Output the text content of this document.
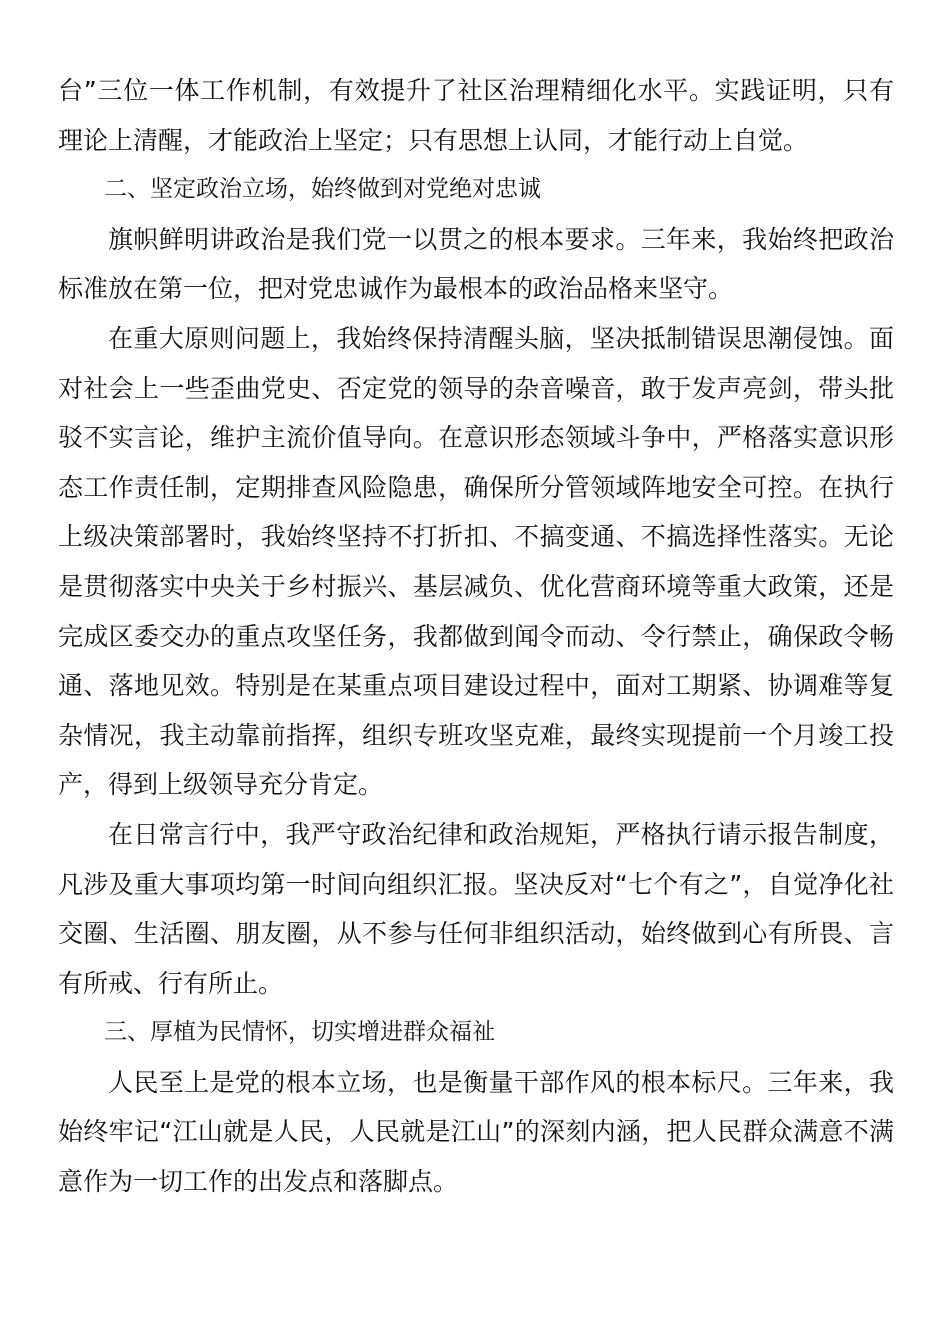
台”三位一体工作机制，有效提升了社区治理精细化水平。实践证明，只有理论上清醒，才能政治上坚定；只有思想上认同，才能行动上自觉。

二、坚定政治立场，始终做到对党绝对忠诚

旗帜鲜明讲政治是我们党一以贯之的根本要求。三年来，我始终把政治标准放在第一位，把对党忠诚作为最根本的政治品格来坚守。

在重大原则问题上，我始终保持清醒头脑，坚决抵制错误思潮侵蚀。面对社会上一些歪曲党史、否定党的领导的杂音噪音，敢于发声亮剑，带头批驳不实言论，维护主流价值导向。在意识形态领域斗争中，严格落实意识形态工作责任制，定期排查风险隐患，确保所分管领域阵地安全可控。在执行上级决策部署时，我始终坚持不打折扣、不搞变通、不搞选择性落实。无论是贯彻落实中央关于乡村振兴、基层减负、优化营商环境等重大政策，还是完成区委交办的重点攻坚任务，我都做到闻令而动、令行禁止，确保政令畅通、落地见效。特别是在某重点项目建设过程中，面对工期紧、协调难等复杂情况，我主动靠前指挥，组织专班攻坚克难，最终实现提前一个月竣工投产，得到上级领导充分肯定。

在日常言行中，我严守政治纪律和政治规矩，严格执行请示报告制度，凡涉及重大事项均第一时间向组织汇报。坚决反对“七个有之”，自觉净化社交圈、生活圈、朋友圈，从不参与任何非组织活动，始终做到心有所畏、言有所戒、行有所止。

三、厚植为民情怀，切实增进群众福祉

人民至上是党的根本立场，也是衡量干部作风的根本标尺。三年来，我始终牢记“江山就是人民，人民就是江山”的深刻内涵，把人民群众满意不满意作为一切工作的出发点和落脚点。
